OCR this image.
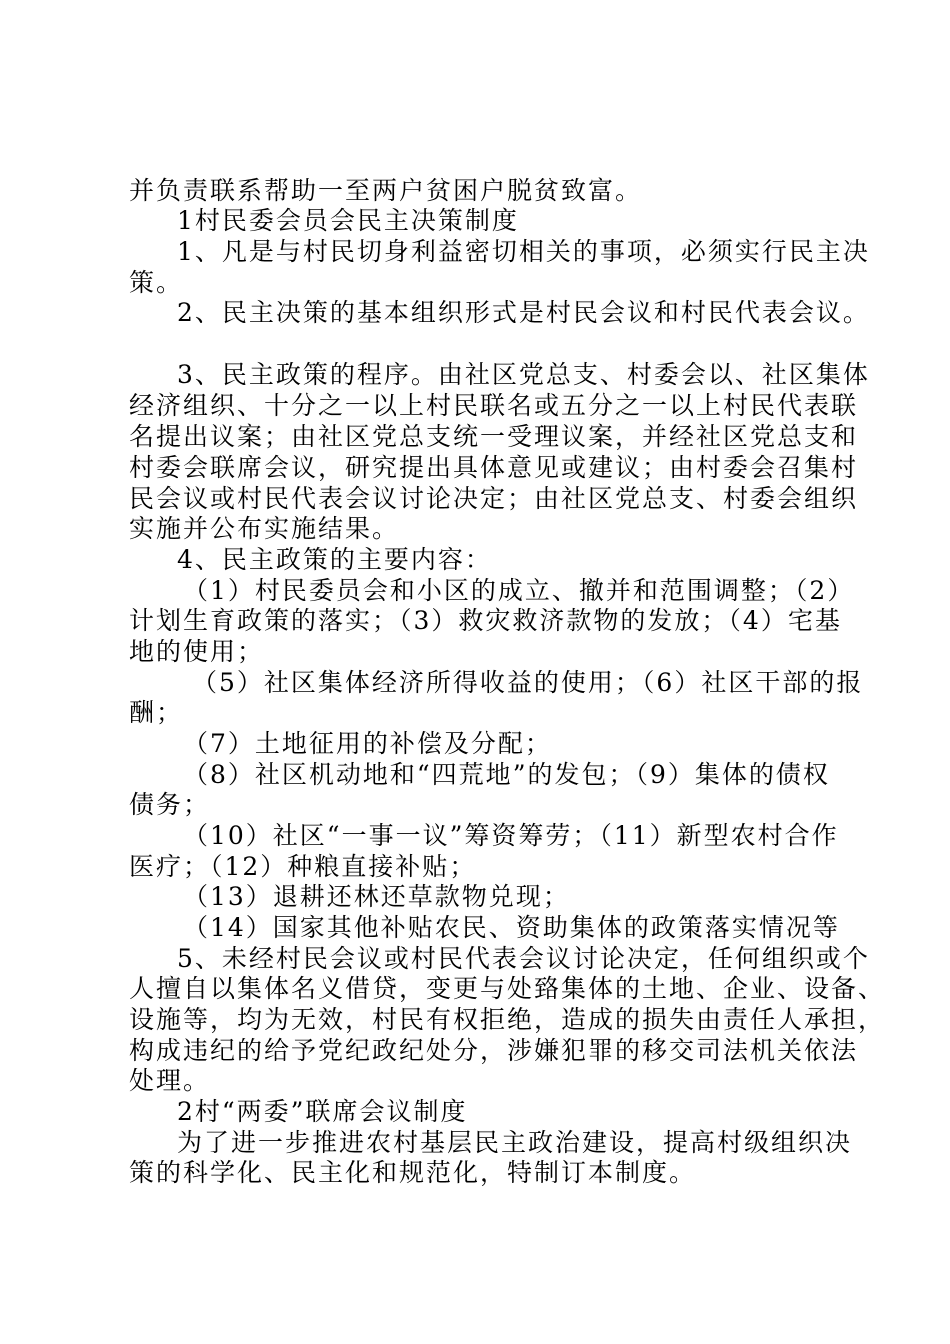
并负责联系帮助一至两户贫困户脱贫致富。
1村民委会员会民主决策制度
1、凡是与村民切身利益密切相关的事项，必须实行民主决
策。
2、民主决策的基本组织形式是村民会议和村民代表会议。
3、民主政策的程序。由社区党总支、村委会以、社区集体
经济组织、十分之一以上村民联名或五分之一以上村民代表联
名提出议案；由社区党总支统一受理议案，并经社区党总支和
村委会联席会议，研究提出具体意见或建议；由村委会召集村
民会议或村民代表会议讨论决定；由社区党总支、村委会组织
实施并公布实施结果。
4、民主政策的主要内容：
（1）村民委员会和小区的成立、撤并和范围调整；（2）
计划生育政策的落实；（3）救灾救济款物的发放；（4）宅基
地的使用；
（5）社区集体经济所得收益的使用；（6）社区干部的报
酬；
（7）土地征用的补偿及分配；
（8）社区机动地和“四荒地”的发包；（9）集体的债权
债务；
（10）社区“一事一议”筹资筹劳；（11）新型农村合作
医疗；（12）种粮直接补贴；
（13）退耕还林还草款物兑现；
（14）国家其他补贴农民、资助集体的政策落实情况等
5、未经村民会议或村民代表会议讨论决定，任何组织或个
人擅自以集体名义借贷，变更与处臵集体的土地、企业、设备、
设施等，均为无效，村民有权拒绝，造成的损失由责任人承担，
构成违纪的给予党纪政纪处分，涉嫌犯罪的移交司法机关依法
处理。
2村“两委”联席会议制度
为了进一步推进农村基层民主政治建设，提高村级组织决
策的科学化、民主化和规范化，特制订本制度。
